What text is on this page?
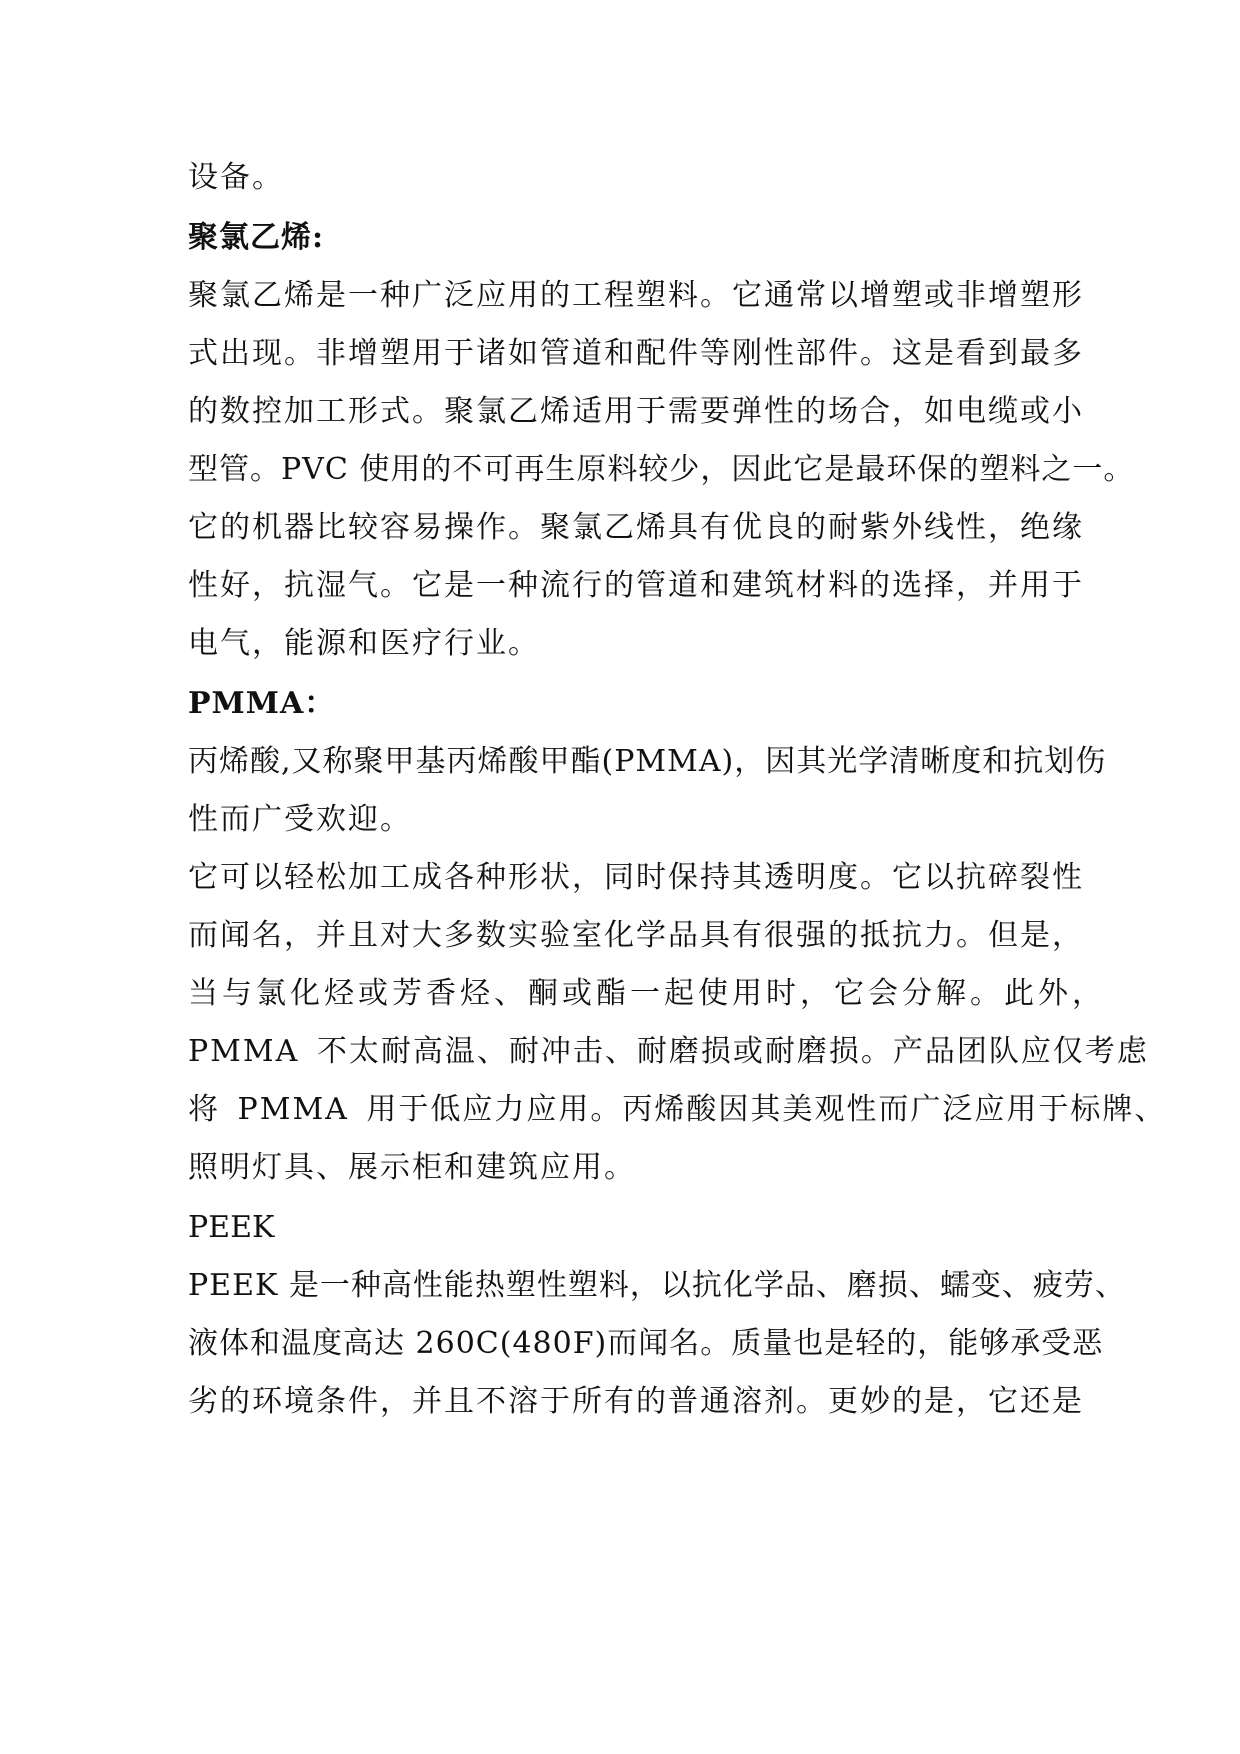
设备。
聚氯乙烯:
聚氯乙烯是一种广泛应用的工程塑料。它通常以增塑或非增塑形
式出现。非增塑用于诸如管道和配件等刚性部件。这是看到最多
的数控加工形式。聚氯乙烯适用于需要弹性的场合，如电缆或小
型管。PVC 使用的不可再生原料较少，因此它是最环保的塑料之一。
它的机器比较容易操作。聚氯乙烯具有优良的耐紫外线性，绝缘
性好，抗湿气。它是一种流行的管道和建筑材料的选择，并用于
电气，能源和医疗行业。
PMMA：
丙烯酸,又称聚甲基丙烯酸甲酯(PMMA)，因其光学清晰度和抗划伤
性而广受欢迎。
它可以轻松加工成各种形状，同时保持其透明度。它以抗碎裂性
而闻名，并且对大多数实验室化学品具有很强的抵抗力。但是，
当与氯化烃或芳香烃、酮或酯一起使用时，它会分解。此外，
PMMA 不太耐高温、耐冲击、耐磨损或耐磨损。产品团队应仅考虑
将 PMMA 用于低应力应用。丙烯酸因其美观性而广泛应用于标牌、
照明灯具、展示柜和建筑应用。
PEEK
PEEK 是一种高性能热塑性塑料，以抗化学品、磨损、蠕变、疲劳、
液体和温度高达 260C(480F)而闻名。质量也是轻的，能够承受恶
劣的环境条件，并且不溶于所有的普通溶剂。更妙的是，它还是
